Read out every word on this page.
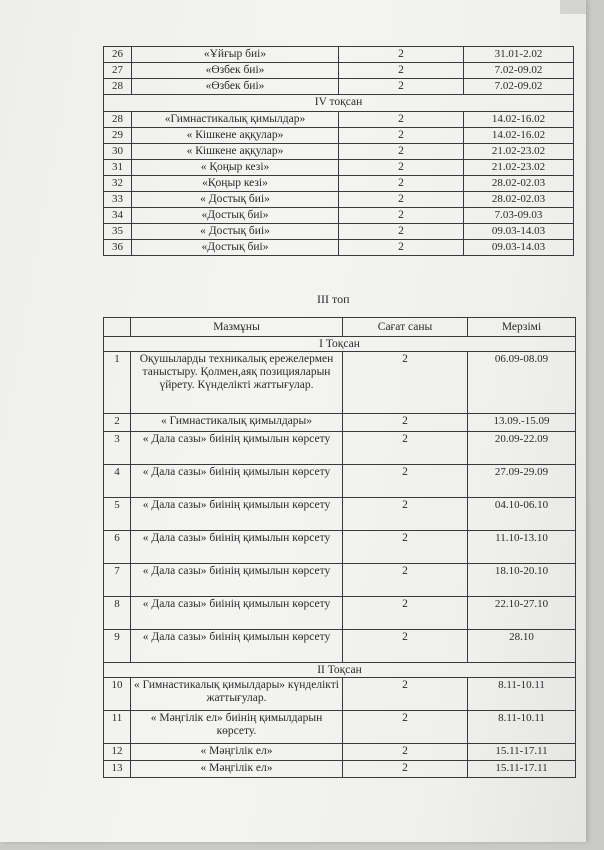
26	«Ұйғыр биі»	2	31.01-2.02
27	«Өзбек биі»	2	7.02-09.02
28	«Өзбек биі»	2	7.02-09.02
IV тоқсан			
28	«Гимнастикалық қимылдар»	2	14.02-16.02
29	« Кішкене аққулар»	2	14.02-16.02
30	« Кішкене аққулар»	2	21.02-23.02
31	« Қоңыр кезі»	2	21.02-23.02
32	«Қоңыр кезі»	2	28.02-02.03
33	« Достық биі»	2	28.02-02.03
34	«Достық биі»	2	7.03-09.03
35	« Достық биі»	2	09.03-14.03
36	«Достық биі»	2	09.03-14.03
III топ
	Мазмұны	Сағат саны	Мерзімі
І Тоқсан			
1	Оқушыларды техникалық ережелермен таныстыру. Қолмен,аяқ позицияларын үйрету. Күнделікті жаттығулар.	2	06.09-08.09
2	« Гимнастикалық қимылдары»	2	13.09.-15.09
3	« Дала сазы» биінің қимылын көрсету	2	20.09-22.09
4	« Дала сазы» биінің қимылын көрсету	2	27.09-29.09
5	« Дала сазы» биінің қимылын көрсету	2	04.10-06.10
6	« Дала сазы» биінің қимылын көрсету	2	11.10-13.10
7	« Дала сазы» биінің қимылын көрсету	2	18.10-20.10
8	« Дала сазы» биінің қимылын көрсету	2	22.10-27.10
9	« Дала сазы» биінің қимылын көрсету	2	28.10
ІІ Тоқсан			
10	« Гимнастикалық қимылдары» күнделікті жаттығулар.	2	8.11-10.11
11	« Мәңгілік ел» биінің қимылдарын көрсету.	2	8.11-10.11
12	« Мәңгілік ел»	2	15.11-17.11
13	« Мәңгілік ел»	2	15.11-17.11
